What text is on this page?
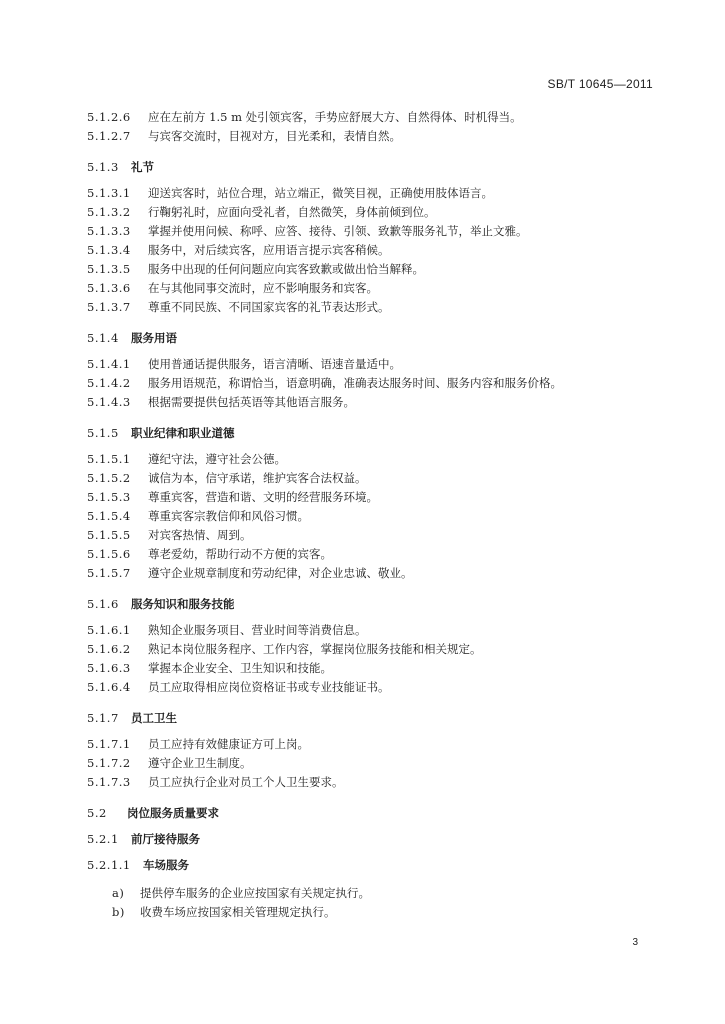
SB/T 10645—2011
5.1.2.6 应在左前方 1.5 m 处引领宾客，手势应舒展大方、自然得体、时机得当。
5.1.2.7 与宾客交流时，目视对方，目光柔和，表情自然。
5.1.3 礼节
5.1.3.1 迎送宾客时，站位合理，站立端正，微笑目视，正确使用肢体语言。
5.1.3.2 行鞠躬礼时，应面向受礼者，自然微笑，身体前倾到位。
5.1.3.3 掌握并使用问候、称呼、应答、接待、引领、致歉等服务礼节，举止文雅。
5.1.3.4 服务中，对后续宾客，应用语言提示宾客稍候。
5.1.3.5 服务中出现的任何问题应向宾客致歉或做出恰当解释。
5.1.3.6 在与其他同事交流时，应不影响服务和宾客。
5.1.3.7 尊重不同民族、不同国家宾客的礼节表达形式。
5.1.4 服务用语
5.1.4.1 使用普通话提供服务，语言清晰、语速音量适中。
5.1.4.2 服务用语规范，称谓恰当，语意明确，准确表达服务时间、服务内容和服务价格。
5.1.4.3 根据需要提供包括英语等其他语言服务。
5.1.5 职业纪律和职业道德
5.1.5.1 遵纪守法，遵守社会公德。
5.1.5.2 诚信为本，信守承诺，维护宾客合法权益。
5.1.5.3 尊重宾客，营造和谐、文明的经营服务环境。
5.1.5.4 尊重宾客宗教信仰和风俗习惯。
5.1.5.5 对宾客热情、周到。
5.1.5.6 尊老爱幼，帮助行动不方便的宾客。
5.1.5.7 遵守企业规章制度和劳动纪律，对企业忠诚、敬业。
5.1.6 服务知识和服务技能
5.1.6.1 熟知企业服务项目、营业时间等消费信息。
5.1.6.2 熟记本岗位服务程序、工作内容，掌握岗位服务技能和相关规定。
5.1.6.3 掌握本企业安全、卫生知识和技能。
5.1.6.4 员工应取得相应岗位资格证书或专业技能证书。
5.1.7 员工卫生
5.1.7.1 员工应持有效健康证方可上岗。
5.1.7.2 遵守企业卫生制度。
5.1.7.3 员工应执行企业对员工个人卫生要求。
5.2 岗位服务质量要求
5.2.1 前厅接待服务
5.2.1.1 车场服务
a) 提供停车服务的企业应按国家有关规定执行。
b) 收费车场应按国家相关管理规定执行。
3
